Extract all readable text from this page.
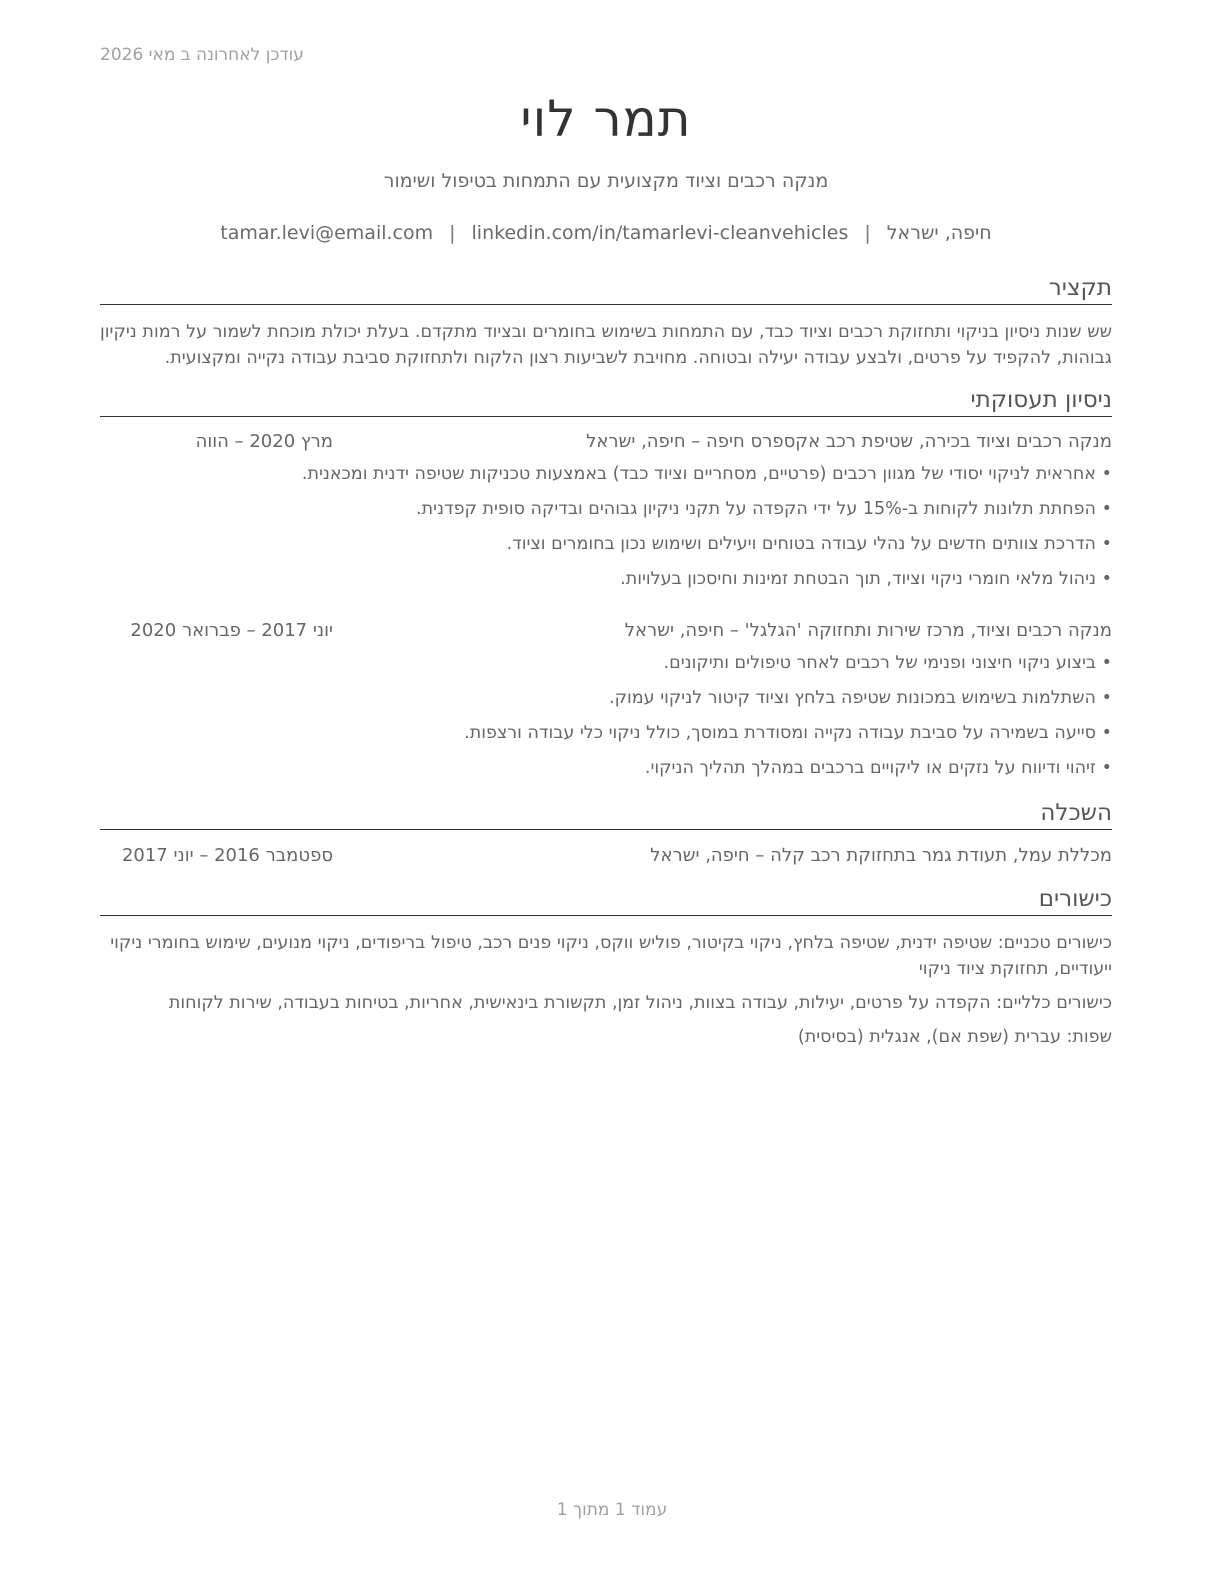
עודכן לאחרונה ב מאי 2026
תמר לוי
מנקה רכבים וציוד מקצועית עם התמחות בטיפול ושימור
חיפה, ישראל|tamar.levi@email.com | linkedin.com/in/tamarlevi-cleanvehicles
תקציר
שש שנות ניסיון בניקוי ותחזוקת רכבים וציוד כבד, עם התמחות בשימוש בחומרים ובציוד מתקדם. בעלת יכולת מוכחת לשמור על רמות ניקיון גבוהות, להקפיד על פרטים, ולבצע עבודה יעילה ובטוחה. מחויבת לשביעות רצון הלקוח ולתחזוקת סביבת עבודה נקייה ומקצועית.
ניסיון תעסוקתי
מנקה רכבים וציוד בכירה, שטיפת רכב אקספרס חיפה – חיפה, ישראל
מרץ 2020 – הווה
• אחראית לניקוי יסודי של מגוון רכבים (פרטיים, מסחריים וציוד כבד) באמצעות טכניקות שטיפה ידנית ומכאנית.
• הפחתת תלונות לקוחות ב-15% על ידי הקפדה על תקני ניקיון גבוהים ובדיקה סופית קפדנית.
• הדרכת צוותים חדשים על נהלי עבודה בטוחים ויעילים ושימוש נכון בחומרים וציוד.
• ניהול מלאי חומרי ניקוי וציוד, תוך הבטחת זמינות וחיסכון בעלויות.
מנקה רכבים וציוד, מרכז שירות ותחזוקה 'הגלגל' – חיפה, ישראל
יוני 2017 – פברואר 2020
• ביצוע ניקוי חיצוני ופנימי של רכבים לאחר טיפולים ותיקונים.
• השתלמות בשימוש במכונות שטיפה בלחץ וציוד קיטור לניקוי עמוק.
• סייעה בשמירה על סביבת עבודה נקייה ומסודרת במוסך, כולל ניקוי כלי עבודה ורצפות.
• זיהוי ודיווח על נזקים או ליקויים ברכבים במהלך תהליך הניקוי.
השכלה
מכללת עמל, תעודת גמר בתחזוקת רכב קלה – חיפה, ישראל
ספטמבר 2016 – יוני 2017
כישורים
כישורים טכניים: שטיפה ידנית, שטיפה בלחץ, ניקוי בקיטור, פוליש ווקס, ניקוי פנים רכב, טיפול בריפודים, ניקוי מנועים, שימוש בחומרי ניקוי ייעודיים, תחזוקת ציוד ניקוי
כישורים כלליים: הקפדה על פרטים, יעילות, עבודה בצוות, ניהול זמן, תקשורת בינאישית, אחריות, בטיחות בעבודה, שירות לקוחות
שפות: עברית (שפת אם), אנגלית (בסיסית)
עמוד 1 מתוך 1
